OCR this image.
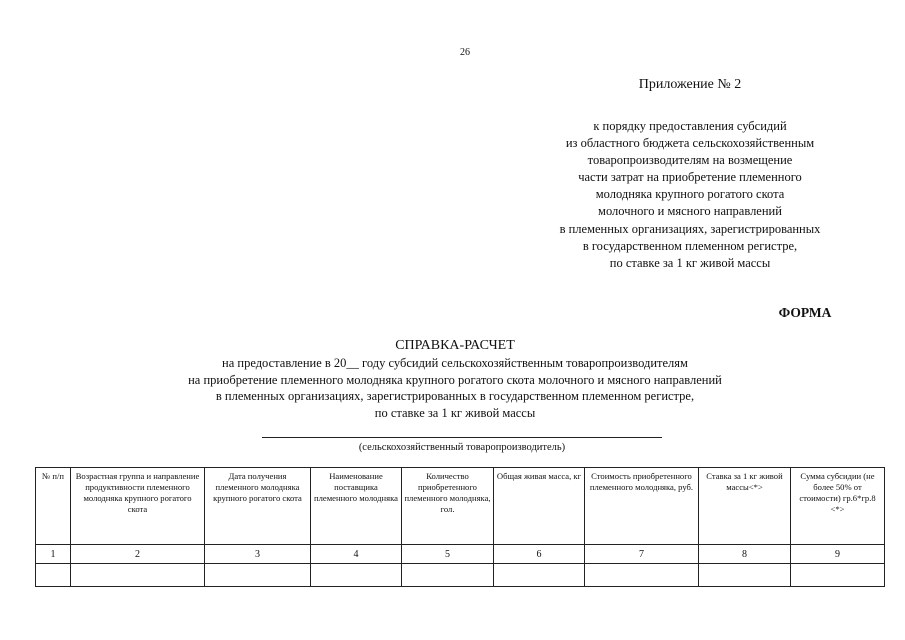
26
Приложение № 2
к порядку предоставления субсидий
из областного бюджета сельскохозяйственным
товаропроизводителям на возмещение
части затрат на приобретение племенного
молодняка крупного рогатого скота
молочного и мясного направлений
в племенных организациях, зарегистрированных
в государственном племенном регистре,
по ставке за 1 кг живой массы
ФОРМА
СПРАВКА-РАСЧЕТ
на предоставление в 20__ году субсидий сельскохозяйственным товаропроизводителям
на приобретение племенного молодняка крупного рогатого скота молочного и мясного направлений
в племенных организациях, зарегистрированных в государственном племенном регистре,
по ставке за 1 кг живой массы
(сельскохозяйственный товаропроизводитель)
№ п/п	Возрастная группа и направление продуктивности племенного молодняка крупного рогатого скота	Дата получения племенного молодняка крупного рогатого скота	Наименование поставщика племенного молодняка	Количество приобретенного племенного молодняка, гол.	Общая живая масса, кг	Стоимость приобретенного племенного молодняка, руб.	Ставка за 1 кг живой массы<*>	Сумма субсидии (не более 50% от стоимости) гр.6*гр.8 <*>
1	2	3	4	5	6	7	8	9
